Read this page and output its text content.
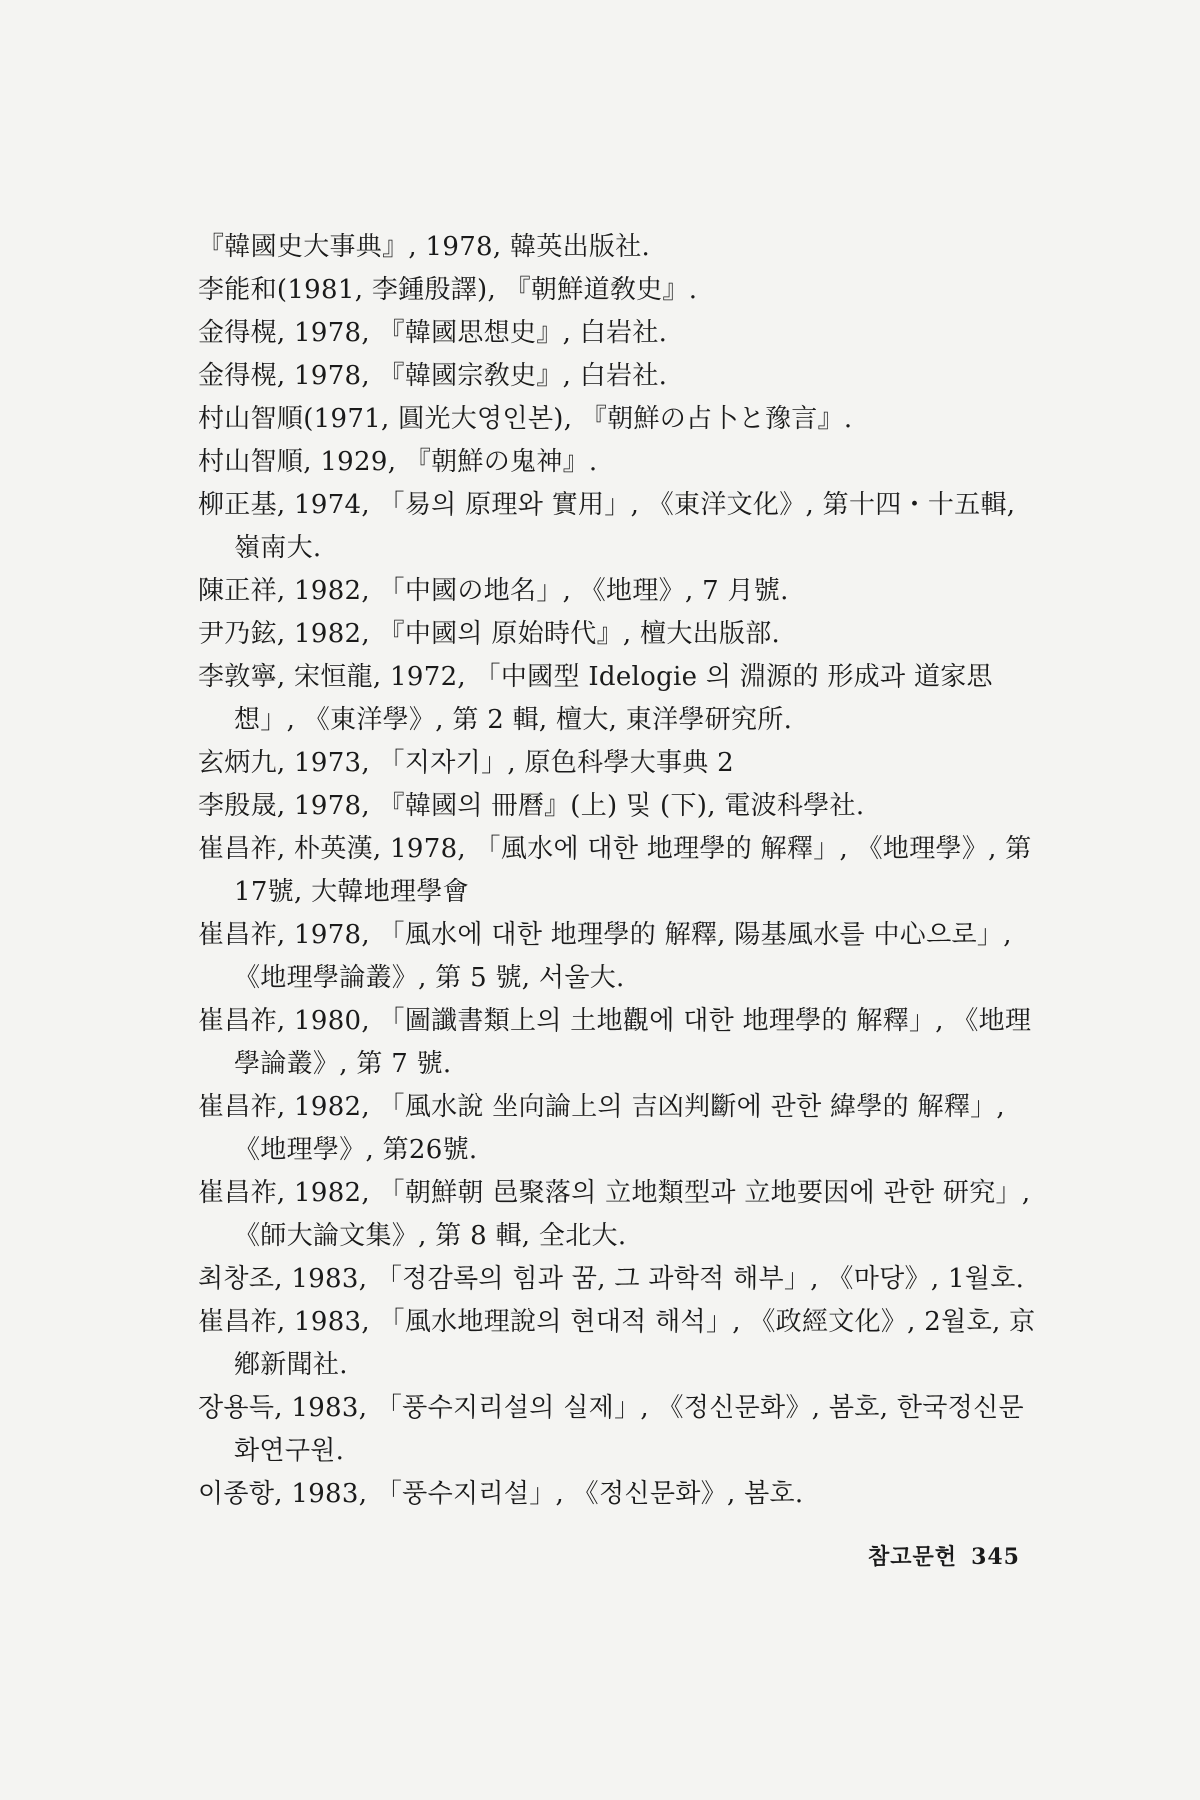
『韓國史大事典』, 1978, 韓英出版社.
李能和(1981, 李鍾殷譯), 『朝鮮道敎史』.
金得榥, 1978, 『韓國思想史』, 白岩社.
金得榥, 1978, 『韓國宗敎史』, 白岩社.
村山智順(1971, 圓光大영인본), 『朝鮮の占卜と豫言』.
村山智順, 1929, 『朝鮮の鬼神』.
柳正基, 1974, 「易의 原理와 實用」, 《東洋文化》, 第十四・十五輯, 嶺南大.
陳正祥, 1982, 「中國の地名」, 《地理》, 7 月號.
尹乃鉉, 1982, 『中國의 原始時代』, 檀大出版部.
李敦寧, 宋恒龍, 1972, 「中國型 Idelogie 의 淵源的 形成과 道家思想」, 《東洋學》, 第 2 輯, 檀大, 東洋學研究所.
玄炳九, 1973, 「지자기」, 原色科學大事典 2
李殷晟, 1978, 『韓國의 冊曆』(上) 및 (下), 電波科學社.
崔昌祚, 朴英漢, 1978, 「風水에 대한 地理學的 解釋」, 《地理學》, 第17號, 大韓地理學會
崔昌祚, 1978, 「風水에 대한 地理學的 解釋, 陽基風水를 中心으로」, 《地理學論叢》, 第 5 號, 서울大.
崔昌祚, 1980, 「圖讖書類上의 土地觀에 대한 地理學的 解釋」, 《地理學論叢》, 第 7 號.
崔昌祚, 1982, 「風水說 坐向論上의 吉凶判斷에 관한 緯學的 解釋」, 《地理學》, 第26號.
崔昌祚, 1982, 「朝鮮朝 邑聚落의 立地類型과 立地要因에 관한 研究」, 《師大論文集》, 第 8 輯, 全北大.
최창조, 1983, 「정감록의 힘과 꿈, 그 과학적 해부」, 《마당》, 1월호.
崔昌祚, 1983, 「風水地理說의 현대적 해석」, 《政經文化》, 2월호, 京鄕新聞社.
장용득, 1983, 「풍수지리설의 실제」, 《정신문화》, 봄호, 한국정신문화연구원.
이종항, 1983, 「풍수지리설」, 《정신문화》, 봄호.
참고문헌 345
